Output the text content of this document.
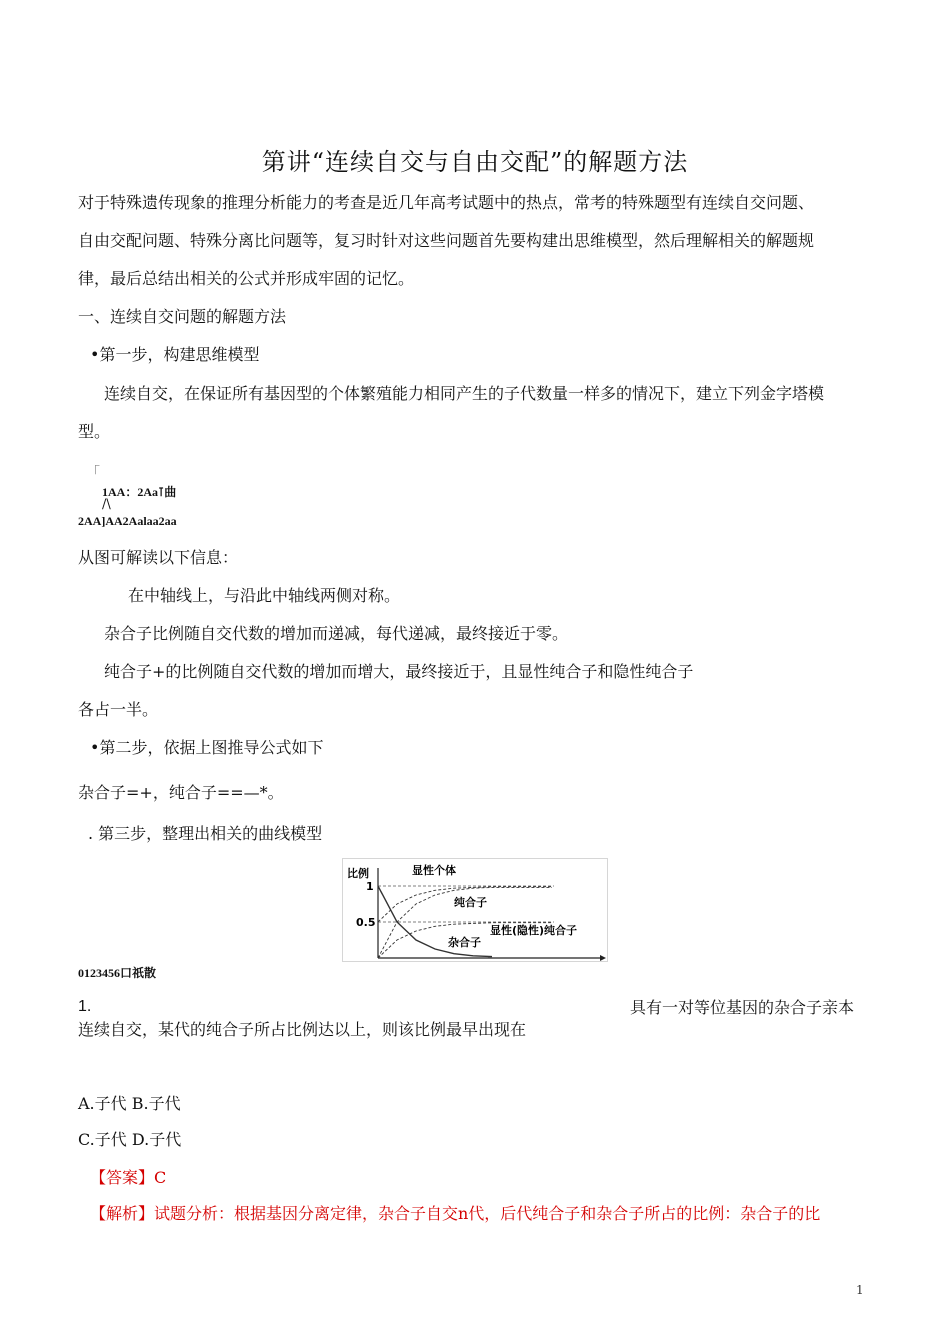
第讲“连续自交与自由交配”的解题方法
对于特殊遗传现象的推理分析能力的考查是近几年高考试题中的热点，常考的特殊题型有连续自交问题、
自由交配问题、特殊分离比问题等，复习时针对这些问题首先要构建出思维模型，然后理解相关的解题规
律，最后总结出相关的公式并形成牢固的记忆。
一、连续自交问题的解题方法
•第一步，构建思维模型
连续自交，在保证所有基因型的个体繁殖能力相同产生的子代数量一样多的情况下，建立下列金字塔模
型。
「
1AA：2Aa⊺曲
/\
2AA]AA2Aalaa2aa
从图可解读以下信息：
在中轴线上，与沿此中轴线两侧对称。
杂合子比例随自交代数的增加而递减，每代递减，最终接近于零。
纯合子+的比例随自交代数的增加而增大，最终接近于，且显性纯合子和隐性纯合子
各占一半。
•第二步，依据上图推导公式如下
杂合子=+，纯合子==—*。
. 第三步，整理出相关的曲线模型
比例
1
0.5
显性个体
纯合子
显性(隐性)纯合子
杂合子
0123456口祇散
1.	具有一对等位基因的杂合子亲本
连续自交，某代的纯合子所占比例达以上，则该比例最早出现在
A.子代 B.子代
C.子代 D.子代
【答案】C
【解析】试题分析：根据基因分离定律，杂合子自交n代，后代纯合子和杂合子所占的比例：杂合子的比
1
